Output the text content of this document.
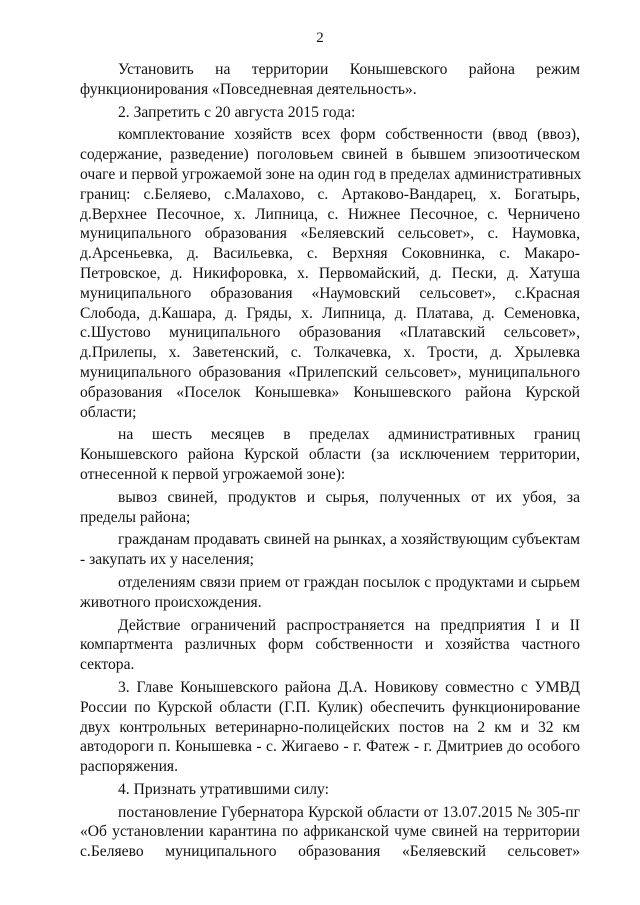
2
Установить на территории Конышевского района режим
функционирования «Повседневная деятельность».
2. Запретить с 20 августа 2015 года:
комплектование хозяйств всех форм собственности (ввод (ввоз),
содержание, разведение) поголовьем свиней в бывшем эпизоотическом
очаге и первой угрожаемой зоне на один год в пределах административных
границ: с.Беляево, с.Малахово, с. Артаково-Вандарец, х. Богатырь,
д.Верхнее Песочное, х. Липница, с. Нижнее Песочное, с. Черничено
муниципального образования «Беляевский сельсовет», с. Наумовка,
д.Арсеньевка, д. Васильевка, с. Верхняя Соковнинка, с. Макаро-
Петровское, д. Никифоровка, х. Первомайский, д. Пески, д. Хатуша
муниципального образования «Наумовский сельсовет», с.Красная
Слобода, д.Кашара, д. Гряды, х. Липница, д. Платава, д. Семеновка,
с.Шустово муниципального образования «Платавский сельсовет»,
д.Прилепы, х. Заветенский, с. Толкачевка, х. Трости, д. Хрылевка
муниципального образования «Прилепский сельсовет», муниципального
образования «Поселок Конышевка» Конышевского района Курской
области;
на шесть месяцев в пределах административных границ
Конышевского района Курской области (за исключением территории,
отнесенной к первой угрожаемой зоне):
вывоз свиней, продуктов и сырья, полученных от их убоя, за
пределы района;
гражданам продавать свиней на рынках, а хозяйствующим субъектам
- закупать их у населения;
отделениям связи прием от граждан посылок с продуктами и сырьем
животного происхождения.
Действие ограничений распространяется на предприятия I и II
компартмента различных форм собственности и хозяйства частного
сектора.
3. Главе Конышевского района Д.А. Новикову совместно с УМВД
России по Курской области (Г.П. Кулик) обеспечить функционирование
двух контрольных ветеринарно-полицейских постов на 2 км и 32 км
автодороги п. Конышевка - с. Жигаево - г. Фатеж - г. Дмитриев до особого
распоряжения.
4. Признать утратившими силу:
постановление Губернатора Курской области от 13.07.2015 № 305-пг
«Об установлении карантина по африканской чуме свиней на территории
с.Беляево муниципального образования «Беляевский сельсовет»
